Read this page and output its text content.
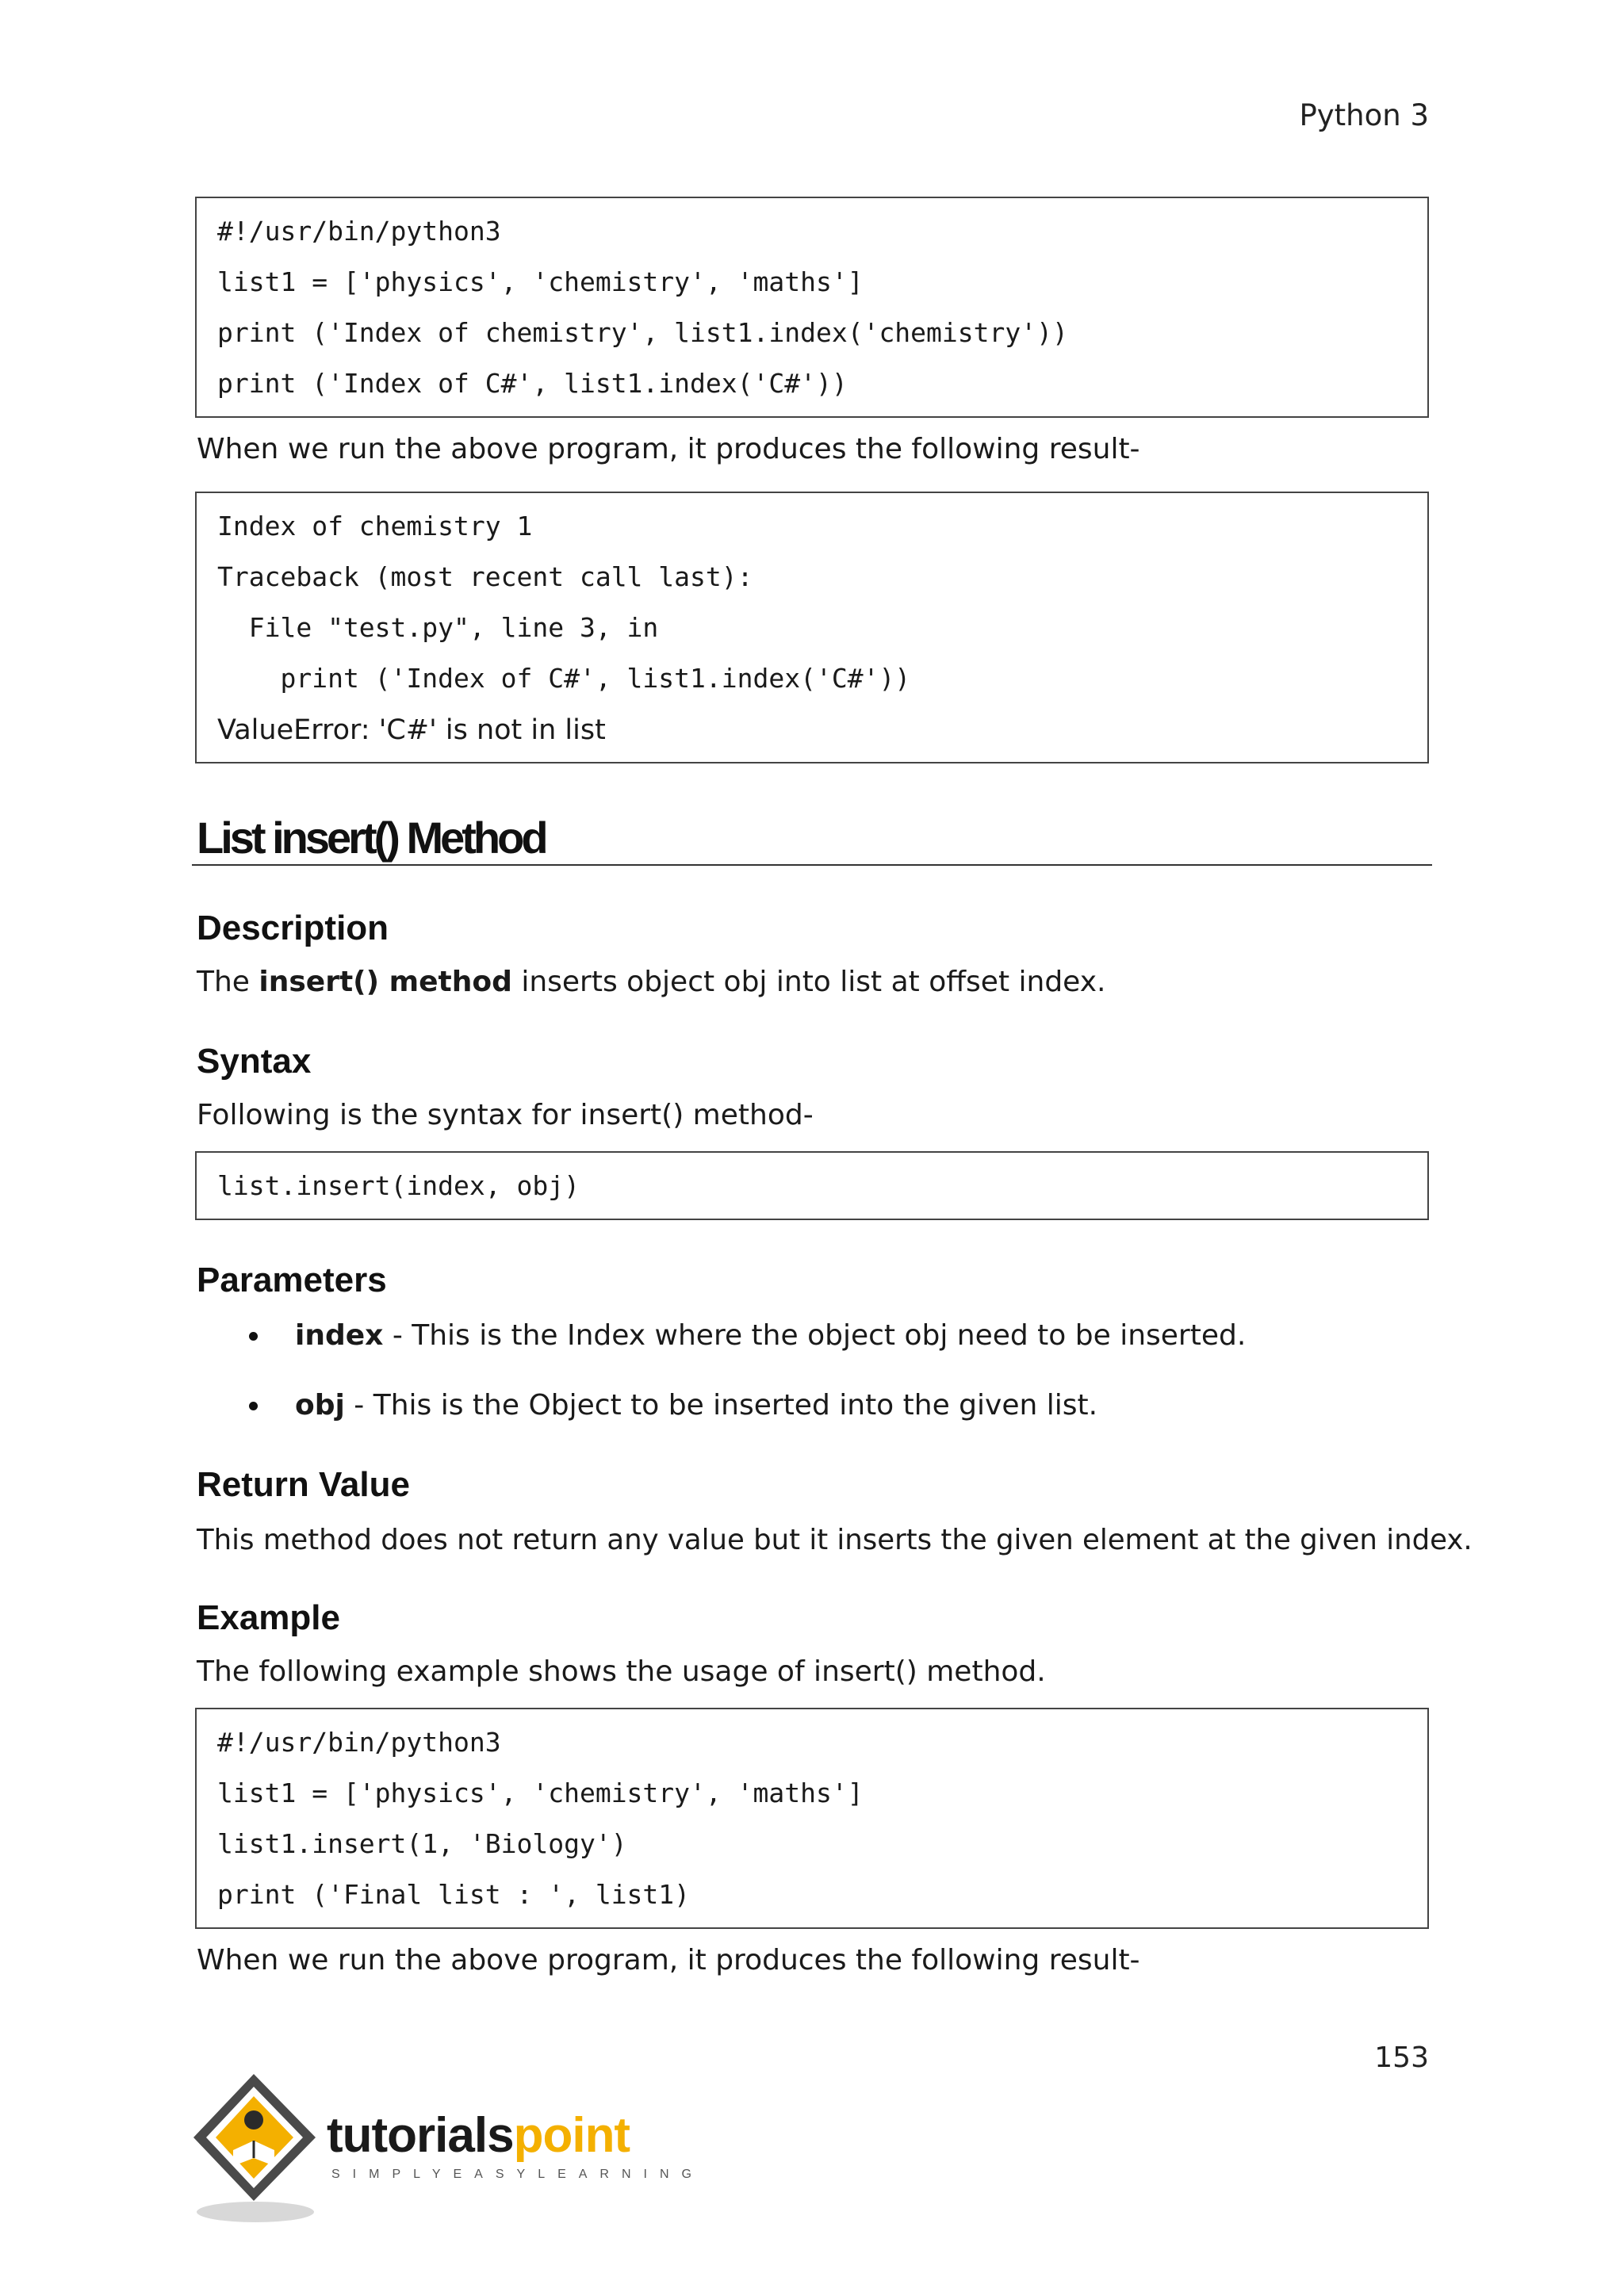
Python 3
#!/usr/bin/python3
list1 = ['physics', 'chemistry', 'maths']
print ('Index of chemistry', list1.index('chemistry'))
print ('Index of C#', list1.index('C#'))
When we run the above program, it produces the following result-
Index of chemistry 1
Traceback (most recent call last):
File "test.py", line 3, in
print ('Index of C#', list1.index('C#'))
ValueError: 'C#' is not in list
List insert() Method
Description
The insert() method inserts object obj into list at offset index.
Syntax
Following is the syntax for insert() method-
list.insert(index, obj)
Parameters
index - This is the Index where the object obj need to be inserted.
obj - This is the Object to be inserted into the given list.
Return Value
This method does not return any value but it inserts the given element at the given index.
Example
The following example shows the usage of insert() method.
#!/usr/bin/python3
list1 = ['physics', 'chemistry', 'maths']
list1.insert(1, 'Biology')
print ('Final list : ', list1)
When we run the above program, it produces the following result-
153
tutorialspoint
SIMPLYEASYLEARNING
